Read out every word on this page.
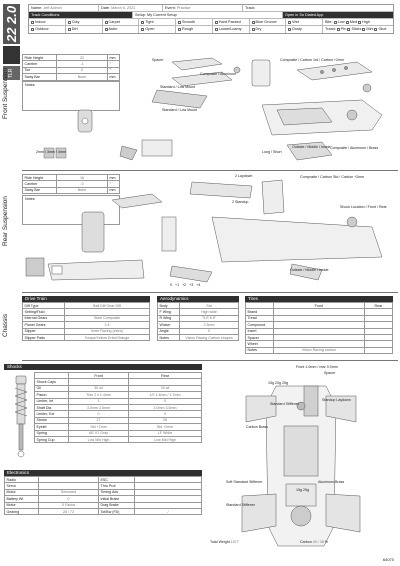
22 2.0
TLR
Name: Jeff Aldrich	Date: March 6, 2021	Event: Practice	Track:
Track Conditions	Setup: My Current Setup	Open in So Dialed App
Indoor	Clay	Carpet	Tight	Smooth	Hard Packed	Blue Groove	Wet	Bite: Low Med High
Outdoor	Dirt	Astro	Open	Rough	Loose/Loamy	Dry	Dusty	Tread: Pin Slicks Mini Glue
Front Suspension
Ride Height	22	mm
Camber	-1	°
Toe	0	°
Sway Bar	None	mm
Notes:
Spacer
Composite / Aluminum
Standard / Low Mount
Composite / Carbon 1rd / Carbon +2mm
Standard / Low Mount
Outside / Middle / Inside Composite / Aluminum / Brass
Long / Short
2mm / 3mm / 4mm
Rear Suspension
Ride Height	16	mm
Camber	-0	°
Sway Bar	None	mm
Notes:
2 Laydown
2 Standup
Composite / Carbon Std / Carbon +2mm
Shock Location / Front / Rear
Outside / Middle / Inside
0   +1   +2   +3   +4
Chassis
Drive Train
Diff Type	Ball Diff Gear Diff
Setting/Fluid	
Internal Gears	Steel Composite
Planet Gears	3 4
Slipper	Inner Racing (extra)
Slipper Pads	Torque/Yellow Drive/Orange
Aerodynamics
Body	Std
F Wing	High wide
R Wing	TLR 6.5"
Wicker	2.5mm
Angle	0
Notes	Vision Racing Carbon shapes
Tires
	Front	Rear
Brand		
Tread		
Compound		
Insert		
Spacer		
Wheel		
Notes	Vision Racing carbon	
Shocks
	Front	Rear
Shock Caps		
Oil	30 wt	30 wt
Piston	Thin 2 x 1.4mm	1/2 1.4mm / 1.7mm
Limiter, Int	1	0
Shaft Dia	3.0mm 3.5mm	3.0mm 3.5mm
Limiter, Ext	0	0
Stroke	27	26
Eyelet	Std +2mm	Std +2mm
Spring	AE V1 Gray	LF White
Spring Cup	Low Mid High	Low Mid High
Electronics
Radio		ESC	
Servo		Thro Prof	
Motor	Sensored	Timing Adv	
Battery Wt	0	Initial Brake	
Motor	X Factor	Drag Brake	
Gearing	28 / 72	Tot/Bw (FD)	/
Front 1.0mm / rear 0.0mm
Spacer
15g 20g 25g
Standard Stiffener
Standup Laydown
Carbon Brass
Soft Standard Stiffener	Aluminum Brass
Standard Stiffener
15g 25g
Total Weight 1577	Carbon 40 / 38 %
64070
